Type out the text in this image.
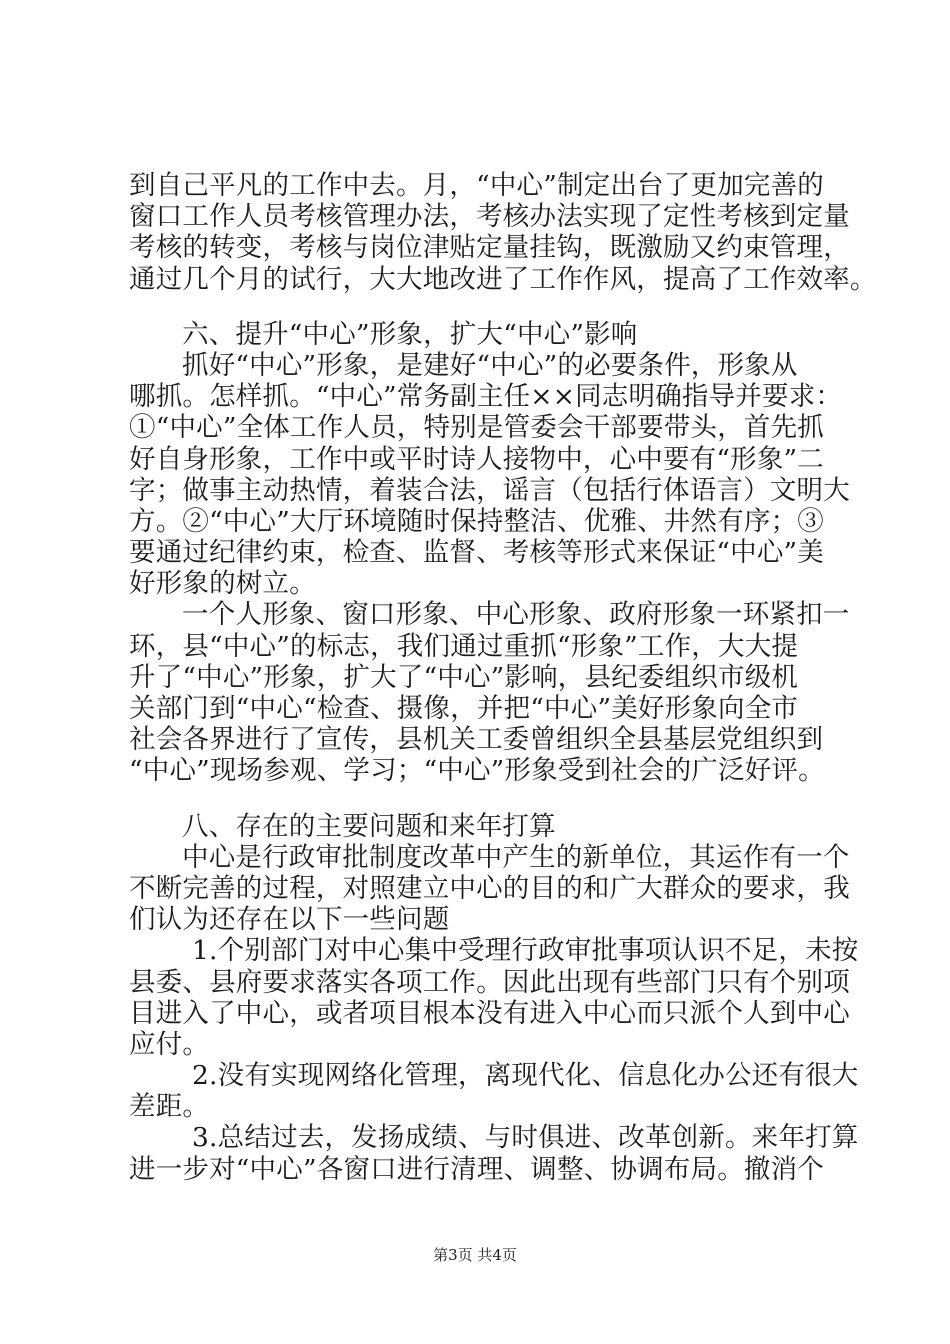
到自己平凡的工作中去。月，“中心”制定出台了更加完善的
窗口工作人员考核管理办法，考核办法实现了定性考核到定量
考核的转变，考核与岗位津贴定量挂钩，既激励又约束管理，
通过几个月的试行，大大地改进了工作作风，提高了工作效率。
六、提升“中心”形象，扩大“中心”影响
抓好“中心”形象，是建好“中心”的必要条件，形象从
哪抓。怎样抓。“中心”常务副主任××同志明确指导并要求：
①“中心”全体工作人员，特别是管委会干部要带头，首先抓
好自身形象，工作中或平时诗人接物中，心中要有“形象”二
字；做事主动热情，着装合法，谣言（包括行体语言）文明大
方。②“中心”大厅环境随时保持整洁、优雅、井然有序；③
要通过纪律约束，检查、监督、考核等形式来保证“中心”美
好形象的树立。
一个人形象、窗口形象、中心形象、政府形象一环紧扣一
环，县“中心”的标志，我们通过重抓“形象”工作，大大提
升了“中心”形象，扩大了“中心”影响，县纪委组织市级机
关部门到“中心“检查、摄像，并把“中心”美好形象向全市
社会各界进行了宣传，县机关工委曾组织全县基层党组织到
“中心”现场参观、学习；“中心”形象受到社会的广泛好评。
八、存在的主要问题和来年打算
中心是行政审批制度改革中产生的新单位，其运作有一个
不断完善的过程，对照建立中心的目的和广大群众的要求，我
们认为还存在以下一些问题
1.个别部门对中心集中受理行政审批事项认识不足，未按
县委、县府要求落实各项工作。因此出现有些部门只有个别项
目进入了中心，或者项目根本没有进入中心而只派个人到中心
应付。
2.没有实现网络化管理，离现代化、信息化办公还有很大
差距。
3.总结过去，发扬成绩、与时俱进、改革创新。来年打算
进一步对“中心”各窗口进行清理、调整、协调布局。撤消个
第3页 共4页
